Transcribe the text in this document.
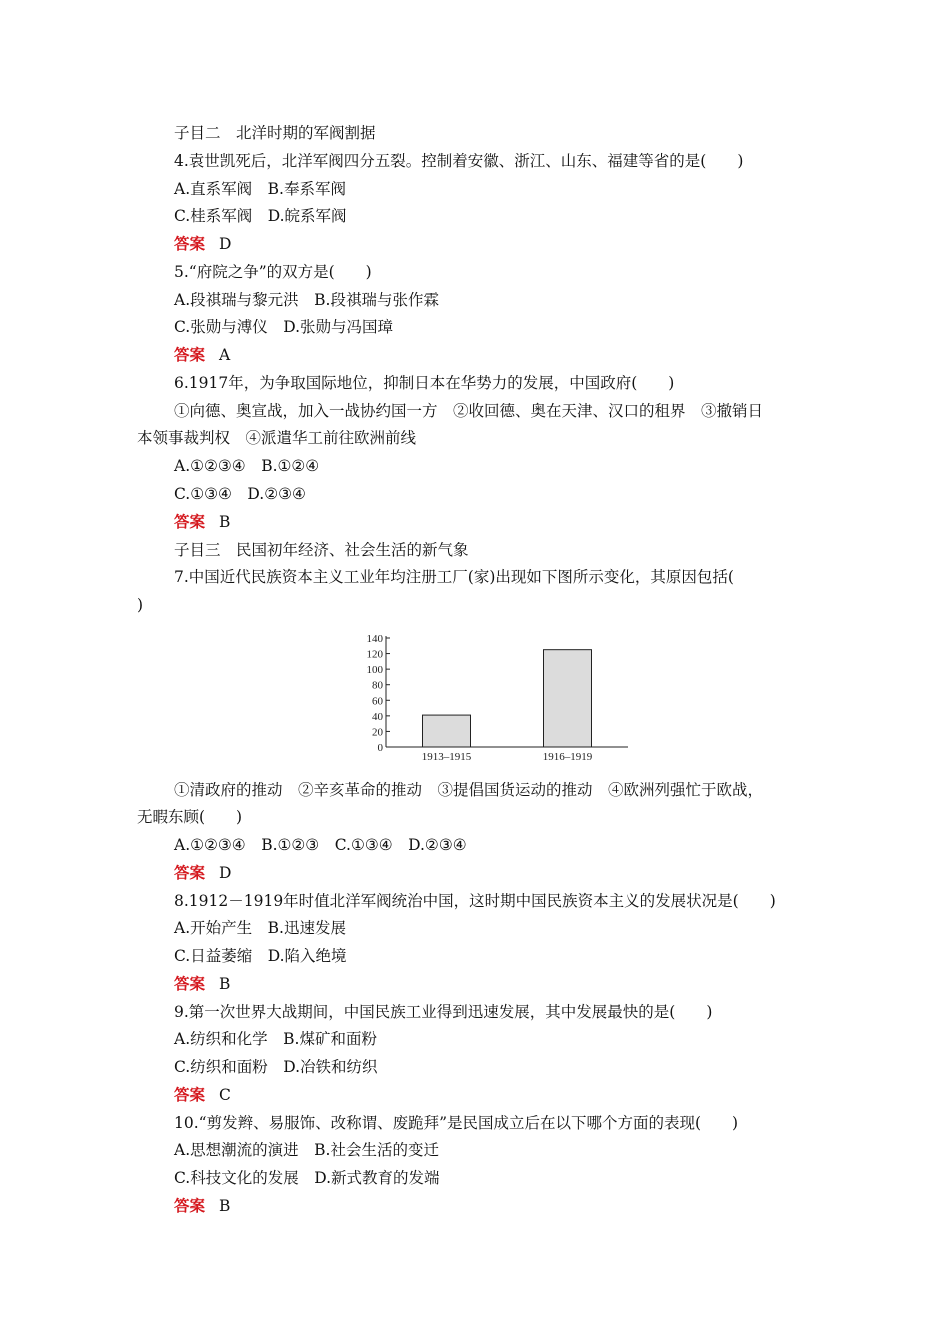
子目二　北洋时期的军阀割据
4.袁世凯死后，北洋军阀四分五裂。控制着安徽、浙江、山东、福建等省的是(　　)
A.直系军阀　B.奉系军阀
C.桂系军阀　D.皖系军阀
答案 D
5.“府院之争”的双方是(　　)
A.段祺瑞与黎元洪　B.段祺瑞与张作霖
C.张勋与溥仪　D.张勋与冯国璋
答案 A
6.1917年，为争取国际地位，抑制日本在华势力的发展，中国政府(　　)
①向德、奥宣战，加入一战协约国一方　②收回德、奥在天津、汉口的租界　③撤销日
本领事裁判权　④派遣华工前往欧洲前线
A.①②③④　B.①②④
C.①③④　D.②③④
答案 B
子目三　民国初年经济、社会生活的新气象
7.中国近代民族资本主义工业年均注册工厂(家)出现如下图所示变化，其原因包括(
)
0
20
40
60
80
100
120
140
1913–1915	1916–1919
①清政府的推动　②辛亥革命的推动　③提倡国货运动的推动　④欧洲列强忙于欧战，
无暇东顾(　　)
A.①②③④　B.①②③　C.①③④　D.②③④
答案 D
8.1912－1919年时值北洋军阀统治中国，这时期中国民族资本主义的发展状况是(　　)
A.开始产生　B.迅速发展
C.日益萎缩　D.陷入绝境
答案 B
9.第一次世界大战期间，中国民族工业得到迅速发展，其中发展最快的是(　　)
A.纺织和化学　B.煤矿和面粉
C.纺织和面粉　D.冶铁和纺织
答案 C
10.“剪发辫、易服饰、改称谓、废跪拜”是民国成立后在以下哪个方面的表现(　　)
A.思想潮流的演进　B.社会生活的变迁
C.科技文化的发展　D.新式教育的发端
答案 B
